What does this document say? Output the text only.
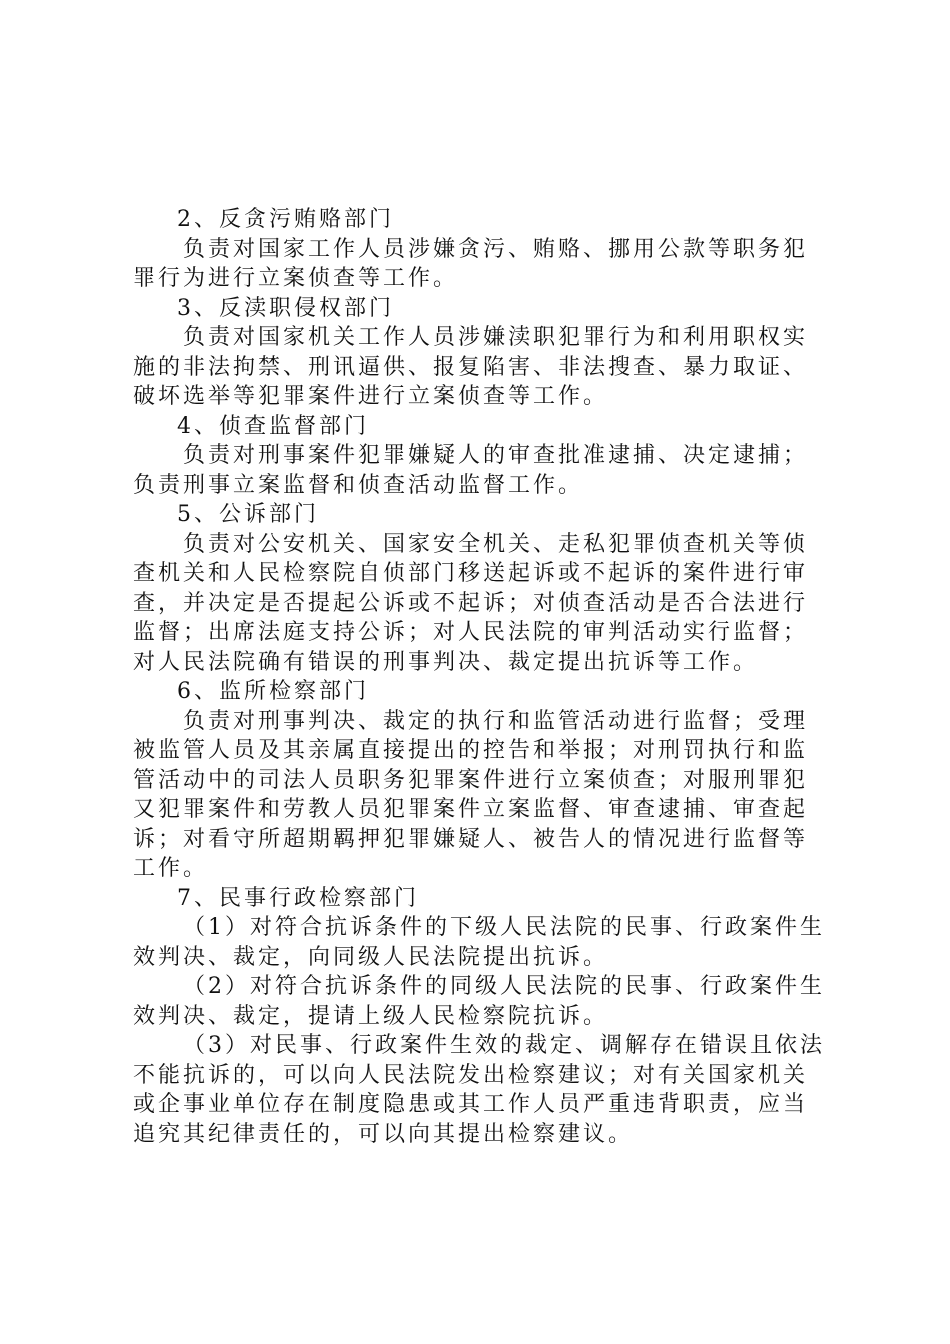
2、反贪污贿赂部门
负责对国家工作人员涉嫌贪污、贿赂、挪用公款等职务犯
罪行为进行立案侦查等工作。
3、反渎职侵权部门
负责对国家机关工作人员涉嫌渎职犯罪行为和利用职权实
施的非法拘禁、刑讯逼供、报复陷害、非法搜查、暴力取证、
破坏选举等犯罪案件进行立案侦查等工作。
4、侦查监督部门
负责对刑事案件犯罪嫌疑人的审查批准逮捕、决定逮捕；
负责刑事立案监督和侦查活动监督工作。
5、公诉部门
负责对公安机关、国家安全机关、走私犯罪侦查机关等侦
查机关和人民检察院自侦部门移送起诉或不起诉的案件进行审
查，并决定是否提起公诉或不起诉；对侦查活动是否合法进行
监督；出席法庭支持公诉；对人民法院的审判活动实行监督；
对人民法院确有错误的刑事判决、裁定提出抗诉等工作。
6、监所检察部门
负责对刑事判决、裁定的执行和监管活动进行监督；受理
被监管人员及其亲属直接提出的控告和举报；对刑罚执行和监
管活动中的司法人员职务犯罪案件进行立案侦查；对服刑罪犯
又犯罪案件和劳教人员犯罪案件立案监督、审查逮捕、审查起
诉；对看守所超期羁押犯罪嫌疑人、被告人的情况进行监督等
工作。
7、民事行政检察部门
（1）对符合抗诉条件的下级人民法院的民事、行政案件生
效判决、裁定，向同级人民法院提出抗诉。
（2）对符合抗诉条件的同级人民法院的民事、行政案件生
效判决、裁定，提请上级人民检察院抗诉。
（3）对民事、行政案件生效的裁定、调解存在错误且依法
不能抗诉的，可以向人民法院发出检察建议；对有关国家机关
或企事业单位存在制度隐患或其工作人员严重违背职责，应当
追究其纪律责任的，可以向其提出检察建议。
